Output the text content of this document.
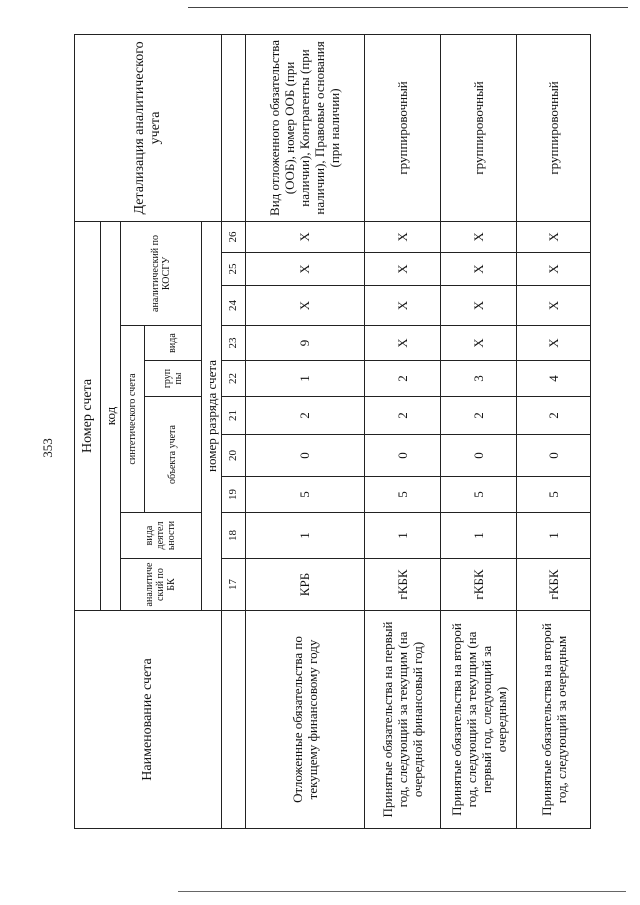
353
Наименование счета	Номер счета										Детализация аналитического учета
	код										
	аналитиче ский по БК	вида деятел ьности	синтетического счета					аналитический по КОСГУ			
			объекта учета			груп пы	вида				
	номер разряда счета										
	17	18	19	20	21	22	23	24	25	26	
Отложенные обязательства по текущему финансовому году	КРБ	1	5	0	2	1	9	X	X	X	Вид отложенного обязательства (ООБ), номер ООБ (при наличии), Контрагенты (при наличии), Правовые основания (при наличии)
Принятые обязательства на первый год, следующий за текущим (на очередной финансовый год)	гКБК	1	5	0	2	2	X	X	X	X	группировочный
Принятые обязательства на второй год, следующий за текущим (на первый год, следующий за очередным)	гКБК	1	5	0	2	3	X	X	X	X	группировочный
Принятые обязательства на второй год, следующий за очередным	гКБК	1	5	0	2	4	X	X	X	X	группировочный
